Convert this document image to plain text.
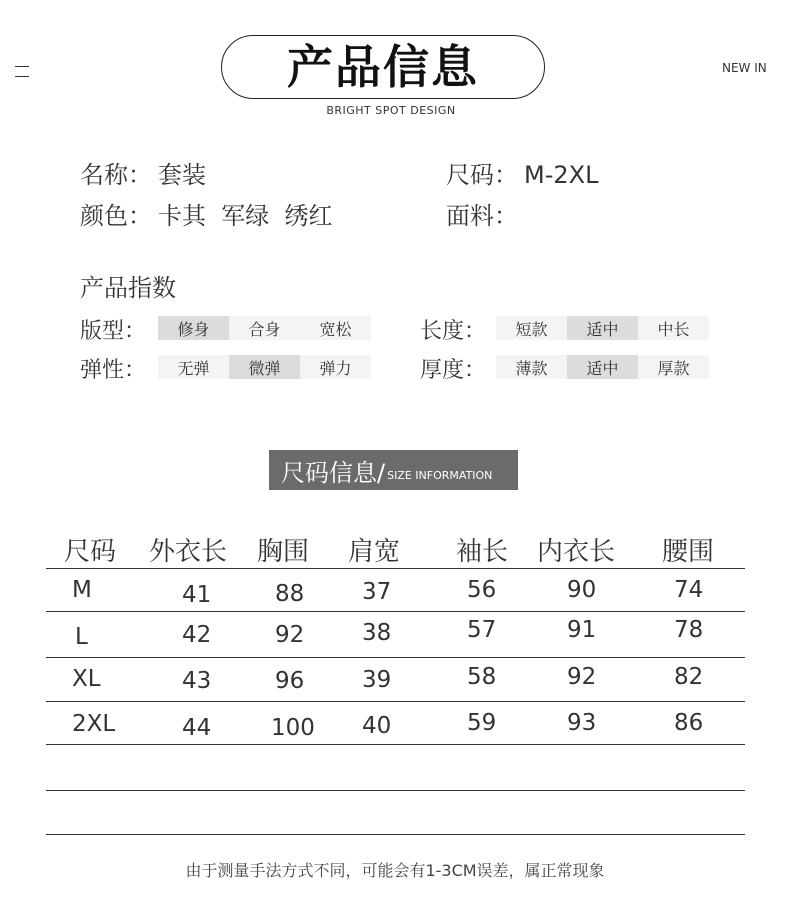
产品信息
BRIGHT SPOT DESIGN
NEW IN
名称： 套装	尺码： M-2XL
颜色： 卡其  军绿  绣红	面料：
产品指数
版型：	修身	合身	宽松	长度：	短款	适中	中长
弹性：	无弹	微弹	弹力	厚度：	薄款	适中	厚款
尺码信息/ SIZE INFORMATION
尺码 外衣长 胸围 肩宽 袖长 内衣长 腰围
M	41	88	37	56	90	74
L	42	92	38	57	91	78
XL	43	96	39	58	92	82
2XL	44	100 40	59	93	86
由于测量手法方式不同，可能会有1-3CM误差，属正常现象
